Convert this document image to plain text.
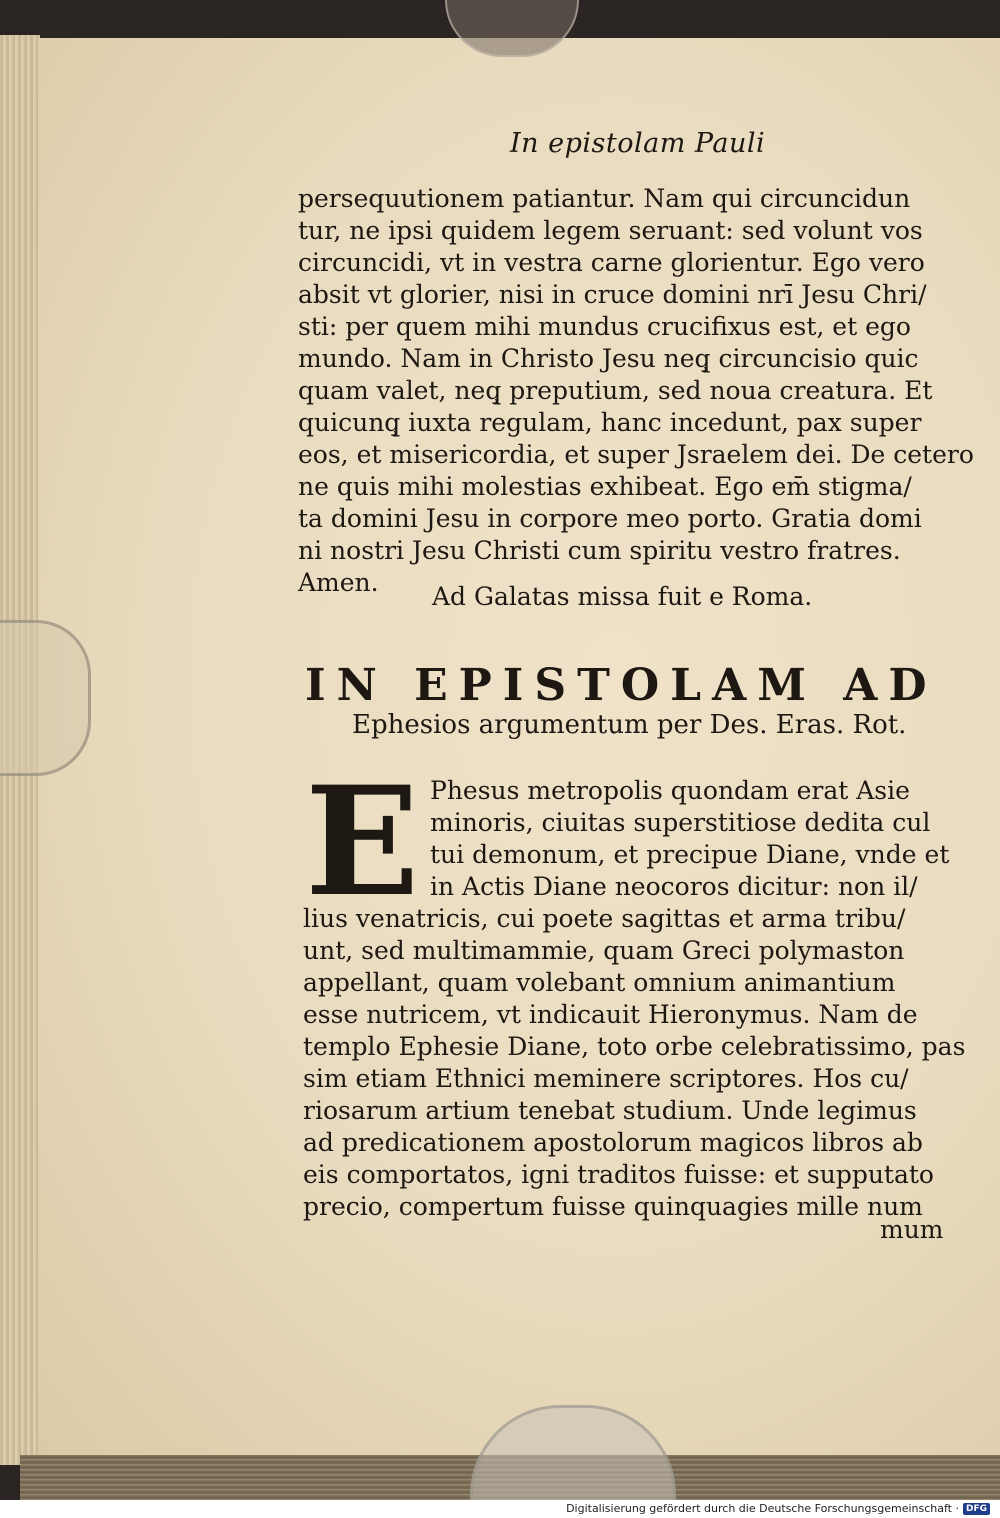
In epistolam Pauli
persequutionem patiantur. Nam qui circuncidun
tur, ne ipsi quidem legem seruant: sed volunt vos
circuncidi, vt in vestra carne glorientur. Ego vero
absit vt glorier, nisi in cruce domini nrī Jesu Chri/
sti: per quem mihi mundus crucifixus est, et ego
mundo. Nam in Christo Jesu neq̧ circuncisio quic
quam valet, neq̧ preputium, sed noua creatura. Et
quicunq̧ iuxta regulam, hanc incedunt, pax super
eos, et misericordia, et super Jsraelem dei. De cetero
ne quis mihi molestias exhibeat. Ego em̄ stigma/
ta domini Jesu in corpore meo porto. Gratia domi
ni nostri Jesu Christi cum spiritu vestro fratres.
Amen.	Ad Galatas missa fuit e Roma.
IN EPISTOLAM AD
Ephesios argumentum per Des. Eras. Rot.
E Phesus metropolis quondam erat Asie
minoris, ciuitas superstitiose dedita cul
tui demonum, et precipue Diane, vnde et
in Actis Diane neocoros dicitur: non il/
lius venatricis, cui poete sagittas et arma tribu/
unt, sed multimammie, quam Greci polymaston
appellant, quam volebant omnium animantium
esse nutricem, vt indicauit Hieronymus. Nam de
templo Ephesie Diane, toto orbe celebratissimo, pas
sim etiam Ethnici meminere scriptores. Hos cu/
riosarum artium tenebat studium. Unde legimus
ad predicationem apostolorum magicos libros ab
eis comportatos, igni traditos fuisse: et supputato
precio, compertum fuisse quinquagies mille num
mum
Digitalisierung gefördert durch die Deutsche Forschungsgemeinschaft · DFG
